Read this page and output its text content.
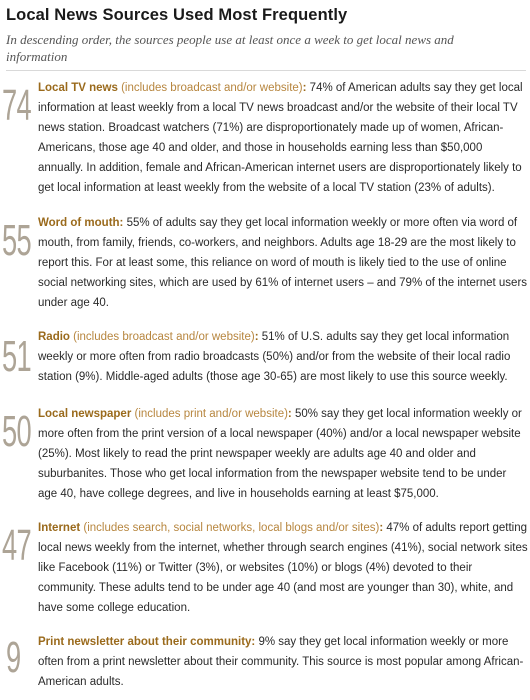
Local News Sources Used Most Frequently
In descending order, the sources people use at least once a week to get local news and information
74 Local TV news (includes broadcast and/or website): 74% of American adults say they get local information at least weekly from a local TV news broadcast and/or the website of their local TV news station. Broadcast watchers (71%) are disproportionately made up of women, African-Americans, those age 40 and older, and those in households earning less than $50,000 annually. In addition, female and African-American internet users are disproportionately likely to get local information at least weekly from the website of a local TV station (23% of adults).
55 Word of mouth: 55% of adults say they get local information weekly or more often via word of mouth, from family, friends, co-workers, and neighbors. Adults age 18-29 are the most likely to report this. For at least some, this reliance on word of mouth is likely tied to the use of online social networking sites, which are used by 61% of internet users – and 79% of the internet users under age 40.
51 Radio (includes broadcast and/or website): 51% of U.S. adults say they get local information weekly or more often from radio broadcasts (50%) and/or from the website of their local radio station (9%). Middle-aged adults (those age 30-65) are most likely to use this source weekly.
50 Local newspaper (includes print and/or website): 50% say they get local information weekly or more often from the print version of a local newspaper (40%) and/or a local newspaper website (25%). Most likely to read the print newspaper weekly are adults age 40 and older and suburbanites. Those who get local information from the newspaper website tend to be under age 40, have college degrees, and live in households earning at least $75,000.
47 Internet (includes search, social networks, local blogs and/or sites): 47% of adults report getting local news weekly from the internet, whether through search engines (41%), social network sites like Facebook (11%) or Twitter (3%), or websites (10%) or blogs (4%) devoted to their community. These adults tend to be under age 40 (and most are younger than 30), white, and have some college education.
9 Print newsletter about their community: 9% say they get local information weekly or more often from a print newsletter about their community. This source is most popular among African-American adults.
